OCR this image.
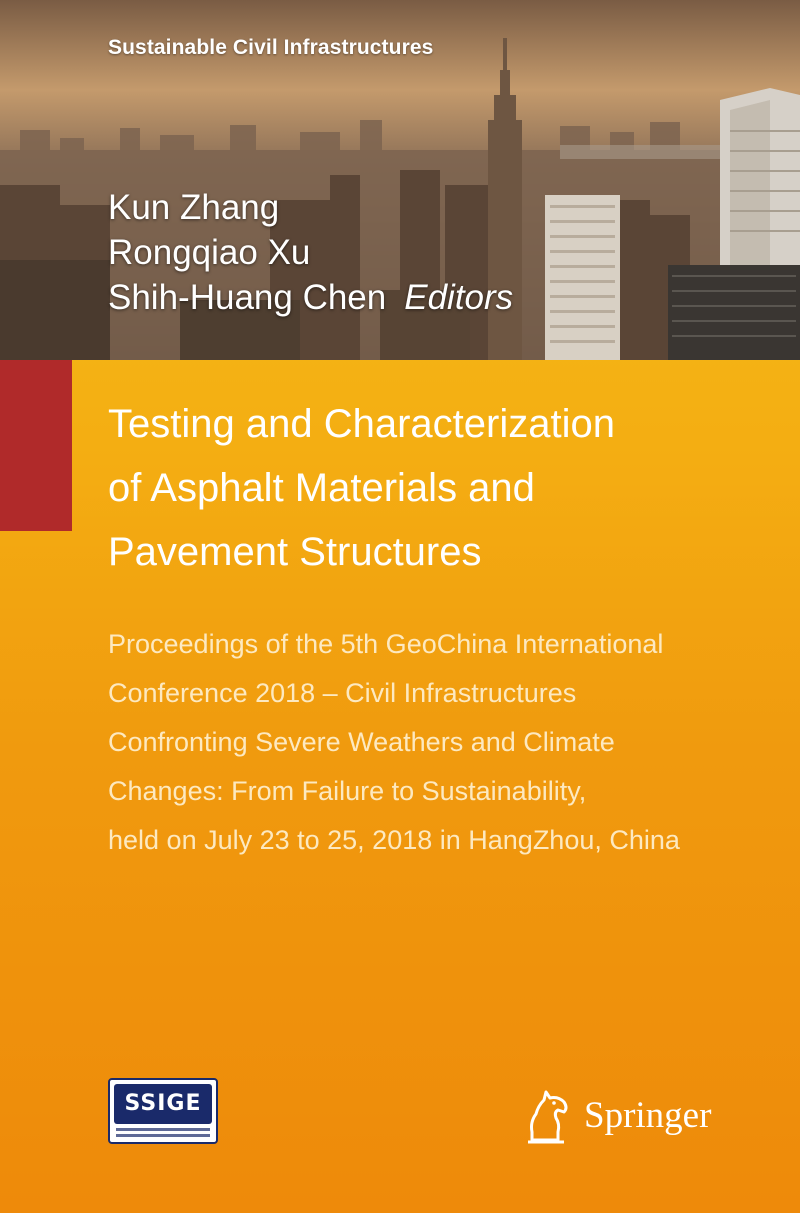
Sustainable Civil Infrastructures
Kun Zhang
Rongqiao Xu
Shih-Huang Chen Editors
Testing and Characterization
of Asphalt Materials and
Pavement Structures
Proceedings of the 5th GeoChina International
Conference 2018 – Civil Infrastructures
Confronting Severe Weathers and Climate
Changes: From Failure to Sustainability,
held on July 23 to 25, 2018 in HangZhou, China
SSIGE	Springer
